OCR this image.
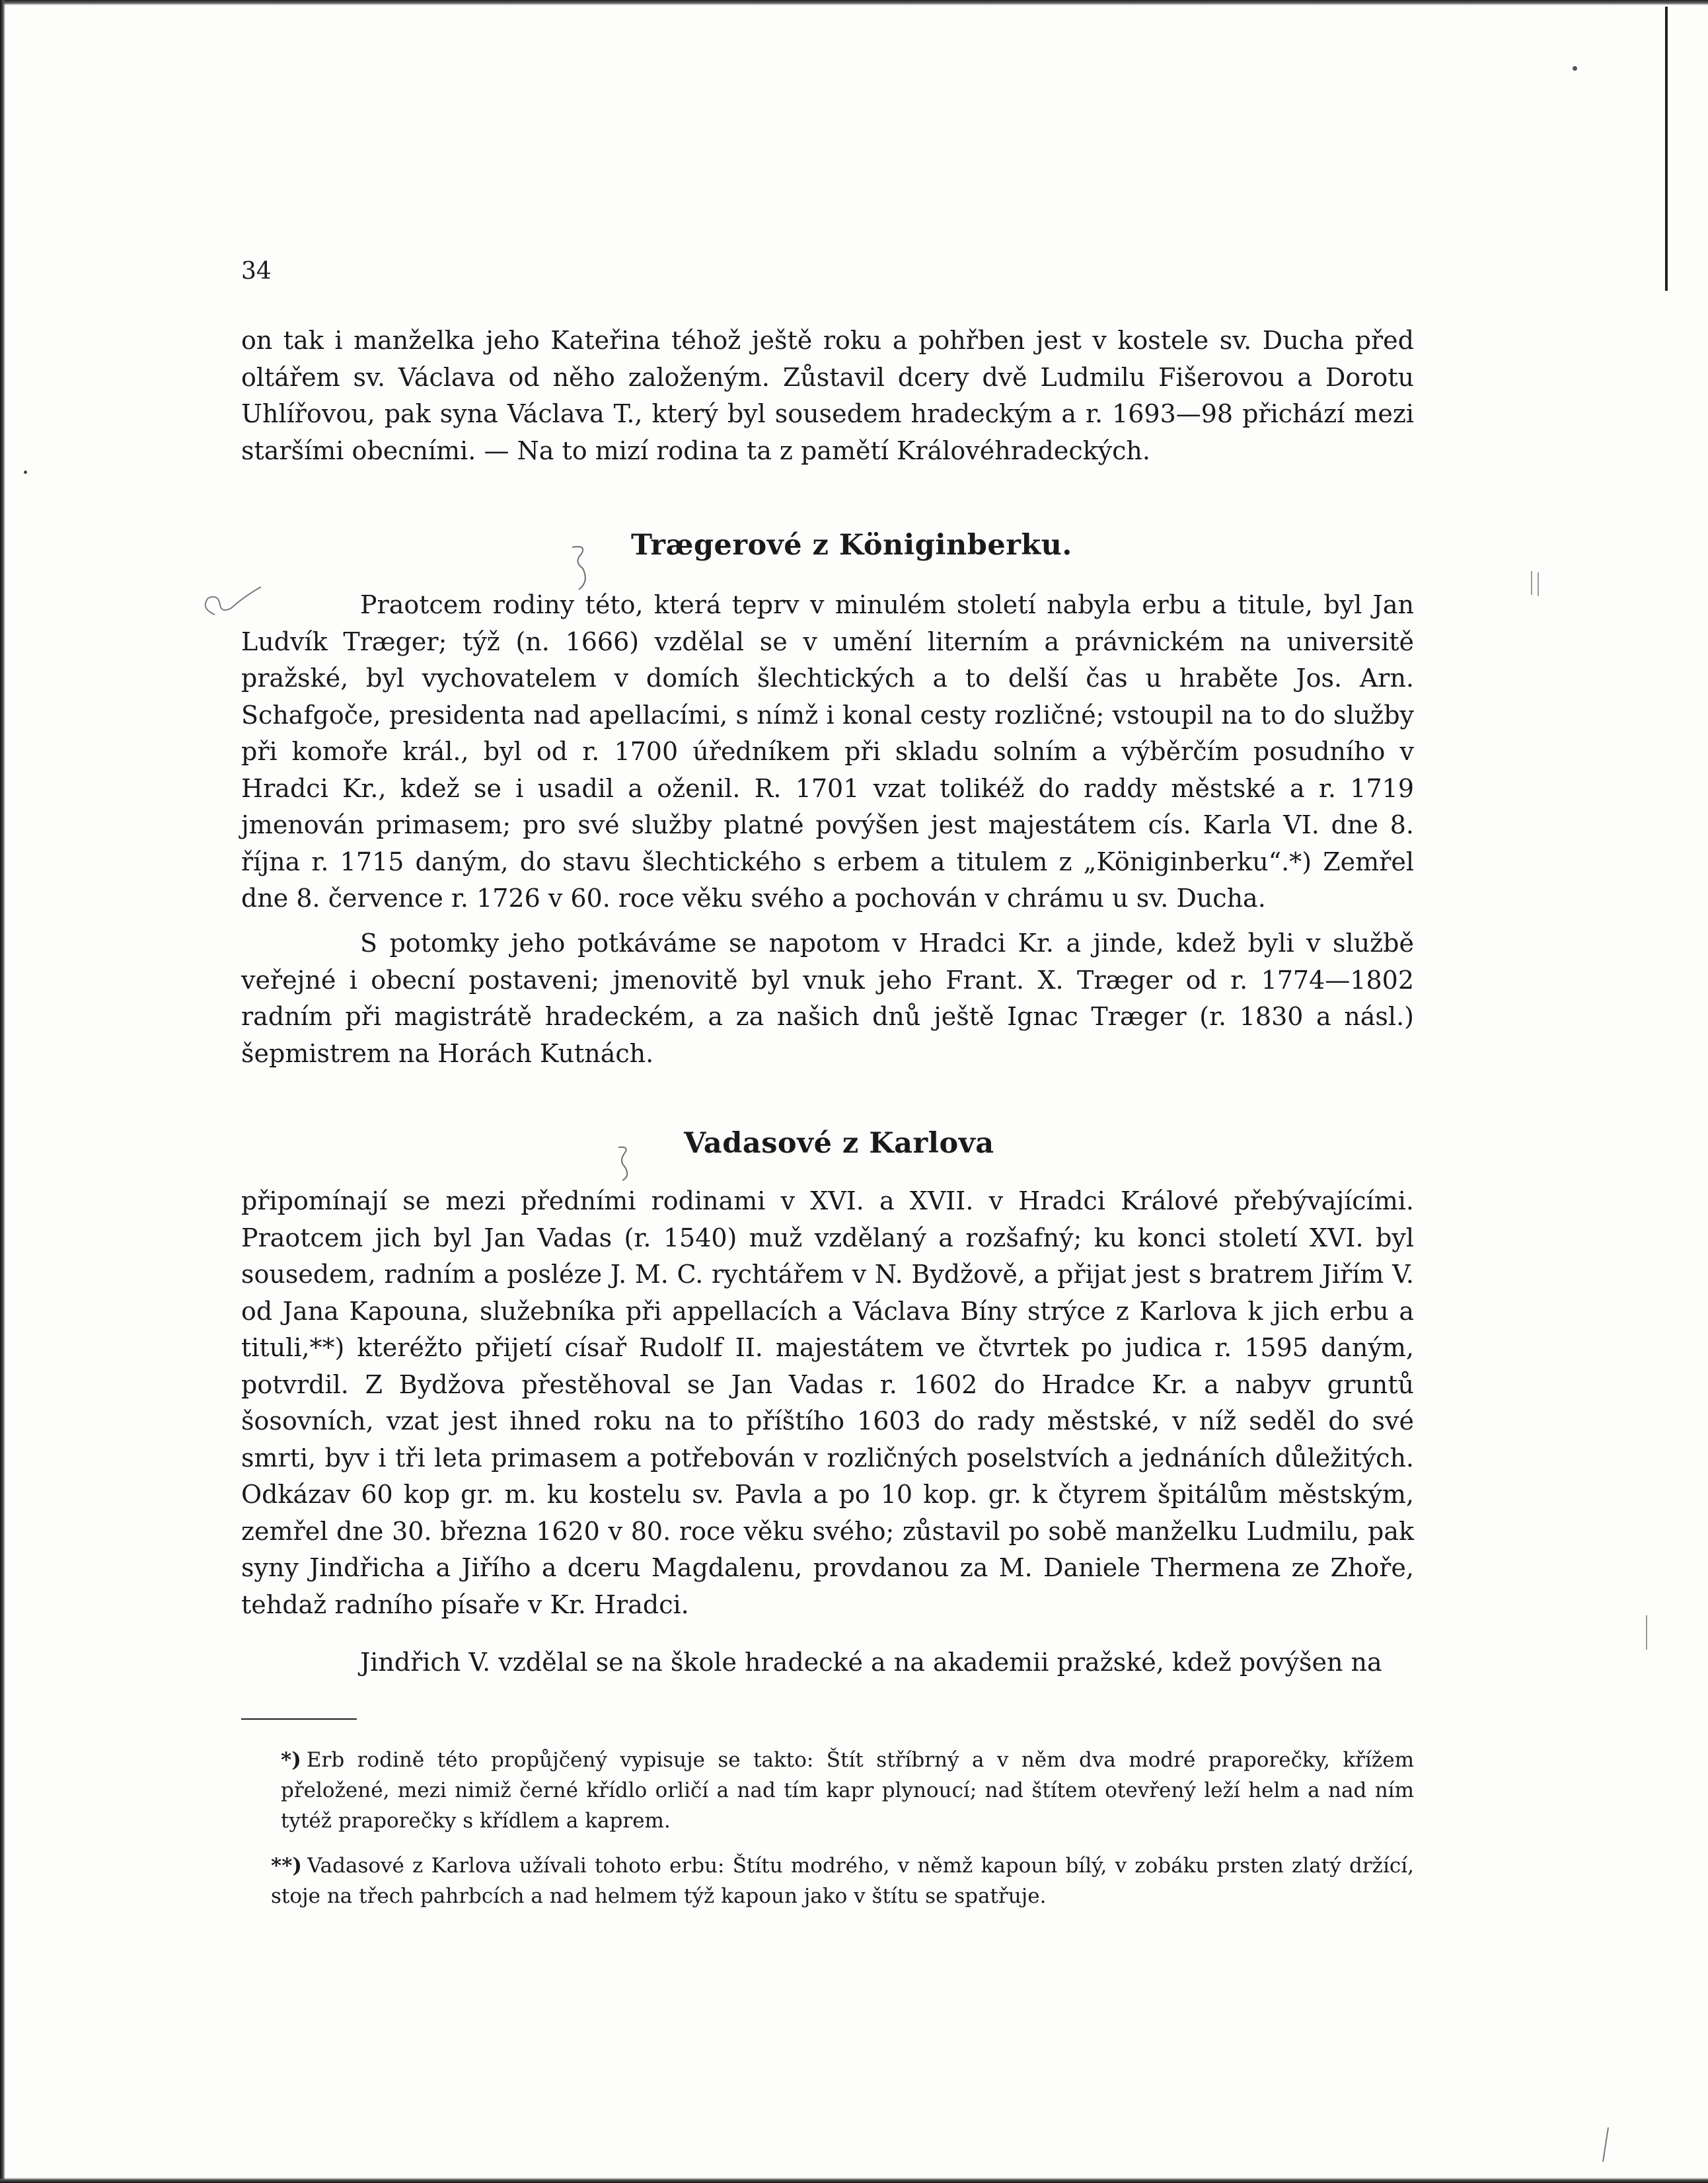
34

on tak i manželka jeho Kateřina téhož ještě roku a pohřben jest v kostele sv. Ducha před oltářem sv. Václava od něho založeným. Zůstavil dcery dvě Ludmilu Fišerovou a Dorotu Uhlířovou, pak syna Václava T., který byl sousedem hradeckým a r. 1693—98 přichází mezi staršími obecními. — Na to mizí rodina ta z pamětí Královéhradeckých.

Trægerové z Königinberku.

Praotcem rodiny této, která teprv v minulém století nabyla erbu a titule, byl Jan Ludvík Træger; týž (n. 1666) vzdělal se v umění literním a právnickém na universitě pražské, byl vychovatelem v domích šlechtických a to delší čas u hraběte Jos. Arn. Schafgoče, presidenta nad apellacími, s nímž i konal cesty rozličné; vstoupil na to do služby při komoře král., byl od r. 1700 úředníkem při skladu solním a výběrčím posudního v Hradci Kr., kdež se i usadil a oženil. R. 1701 vzat tolikéž do raddy městské a r. 1719 jmenován primasem; pro své služby platné povýšen jest majestátem cís. Karla VI. dne 8. října r. 1715 daným, do stavu šlechtického s erbem a titulem z „Königinberku“.*) Zemřel dne 8. července r. 1726 v 60. roce věku svého a pochován v chrámu u sv. Ducha.

S potomky jeho potkáváme se napotom v Hradci Kr. a jinde, kdež byli v službě veřejné i obecní postaveni; jmenovitě byl vnuk jeho Frant. X. Træger od r. 1774—1802 radním při magistrátě hradeckém, a za našich dnů ještě Ignac Træger (r. 1830 a násl.) šepmistrem na Horách Kutnách.

Vadasové z Karlova

připomínají se mezi předními rodinami v XVI. a XVII. v Hradci Králové přebývajícími. Praotcem jich byl Jan Vadas (r. 1540) muž vzdělaný a rozšafný; ku konci století XVI. byl sousedem, radním a posléze J. M. C. rychtářem v N. Bydžově, a přijat jest s bratrem Jiřím V. od Jana Kapouna, služebníka při appellacích a Václava Bíny strýce z Karlova k jich erbu a tituli,**) kteréžto přijetí císař Rudolf II. majestátem ve čtvrtek po judica r. 1595 daným, potvrdil. Z Bydžova přestěhoval se Jan Vadas r. 1602 do Hradce Kr. a nabyv gruntů šosovních, vzat jest ihned roku na to příštího 1603 do rady městské, v níž seděl do své smrti, byv i tři leta primasem a potřebován v rozličných poselstvích a jednáních důležitých. Odkázav 60 kop gr. m. ku kostelu sv. Pavla a po 10 kop. gr. k čtyrem špitálům městským, zemřel dne 30. března 1620 v 80. roce věku svého; zůstavil po sobě manželku Ludmilu, pak syny Jindřicha a Jiřího a dceru Magdalenu, provdanou za M. Daniele Thermena ze Zhoře, tehdaž radního písaře v Kr. Hradci.

Jindřich V. vzdělal se na škole hradecké a na akademii pražské, kdež povýšen na

*) Erb rodině této propůjčený vypisuje se takto: Štít stříbrný a v něm dva modré praporečky, křížem přeložené, mezi nimiž černé křídlo orličí a nad tím kapr plynoucí; nad štítem otevřený leží helm a nad ním tytéž praporečky s křídlem a kaprem.
**) Vadasové z Karlova užívali tohoto erbu: Štítu modrého, v němž kapoun bílý, v zobáku prsten zlatý držící, stoje na třech pahrbcích a nad helmem týž kapoun jako v štítu se spatřuje.
